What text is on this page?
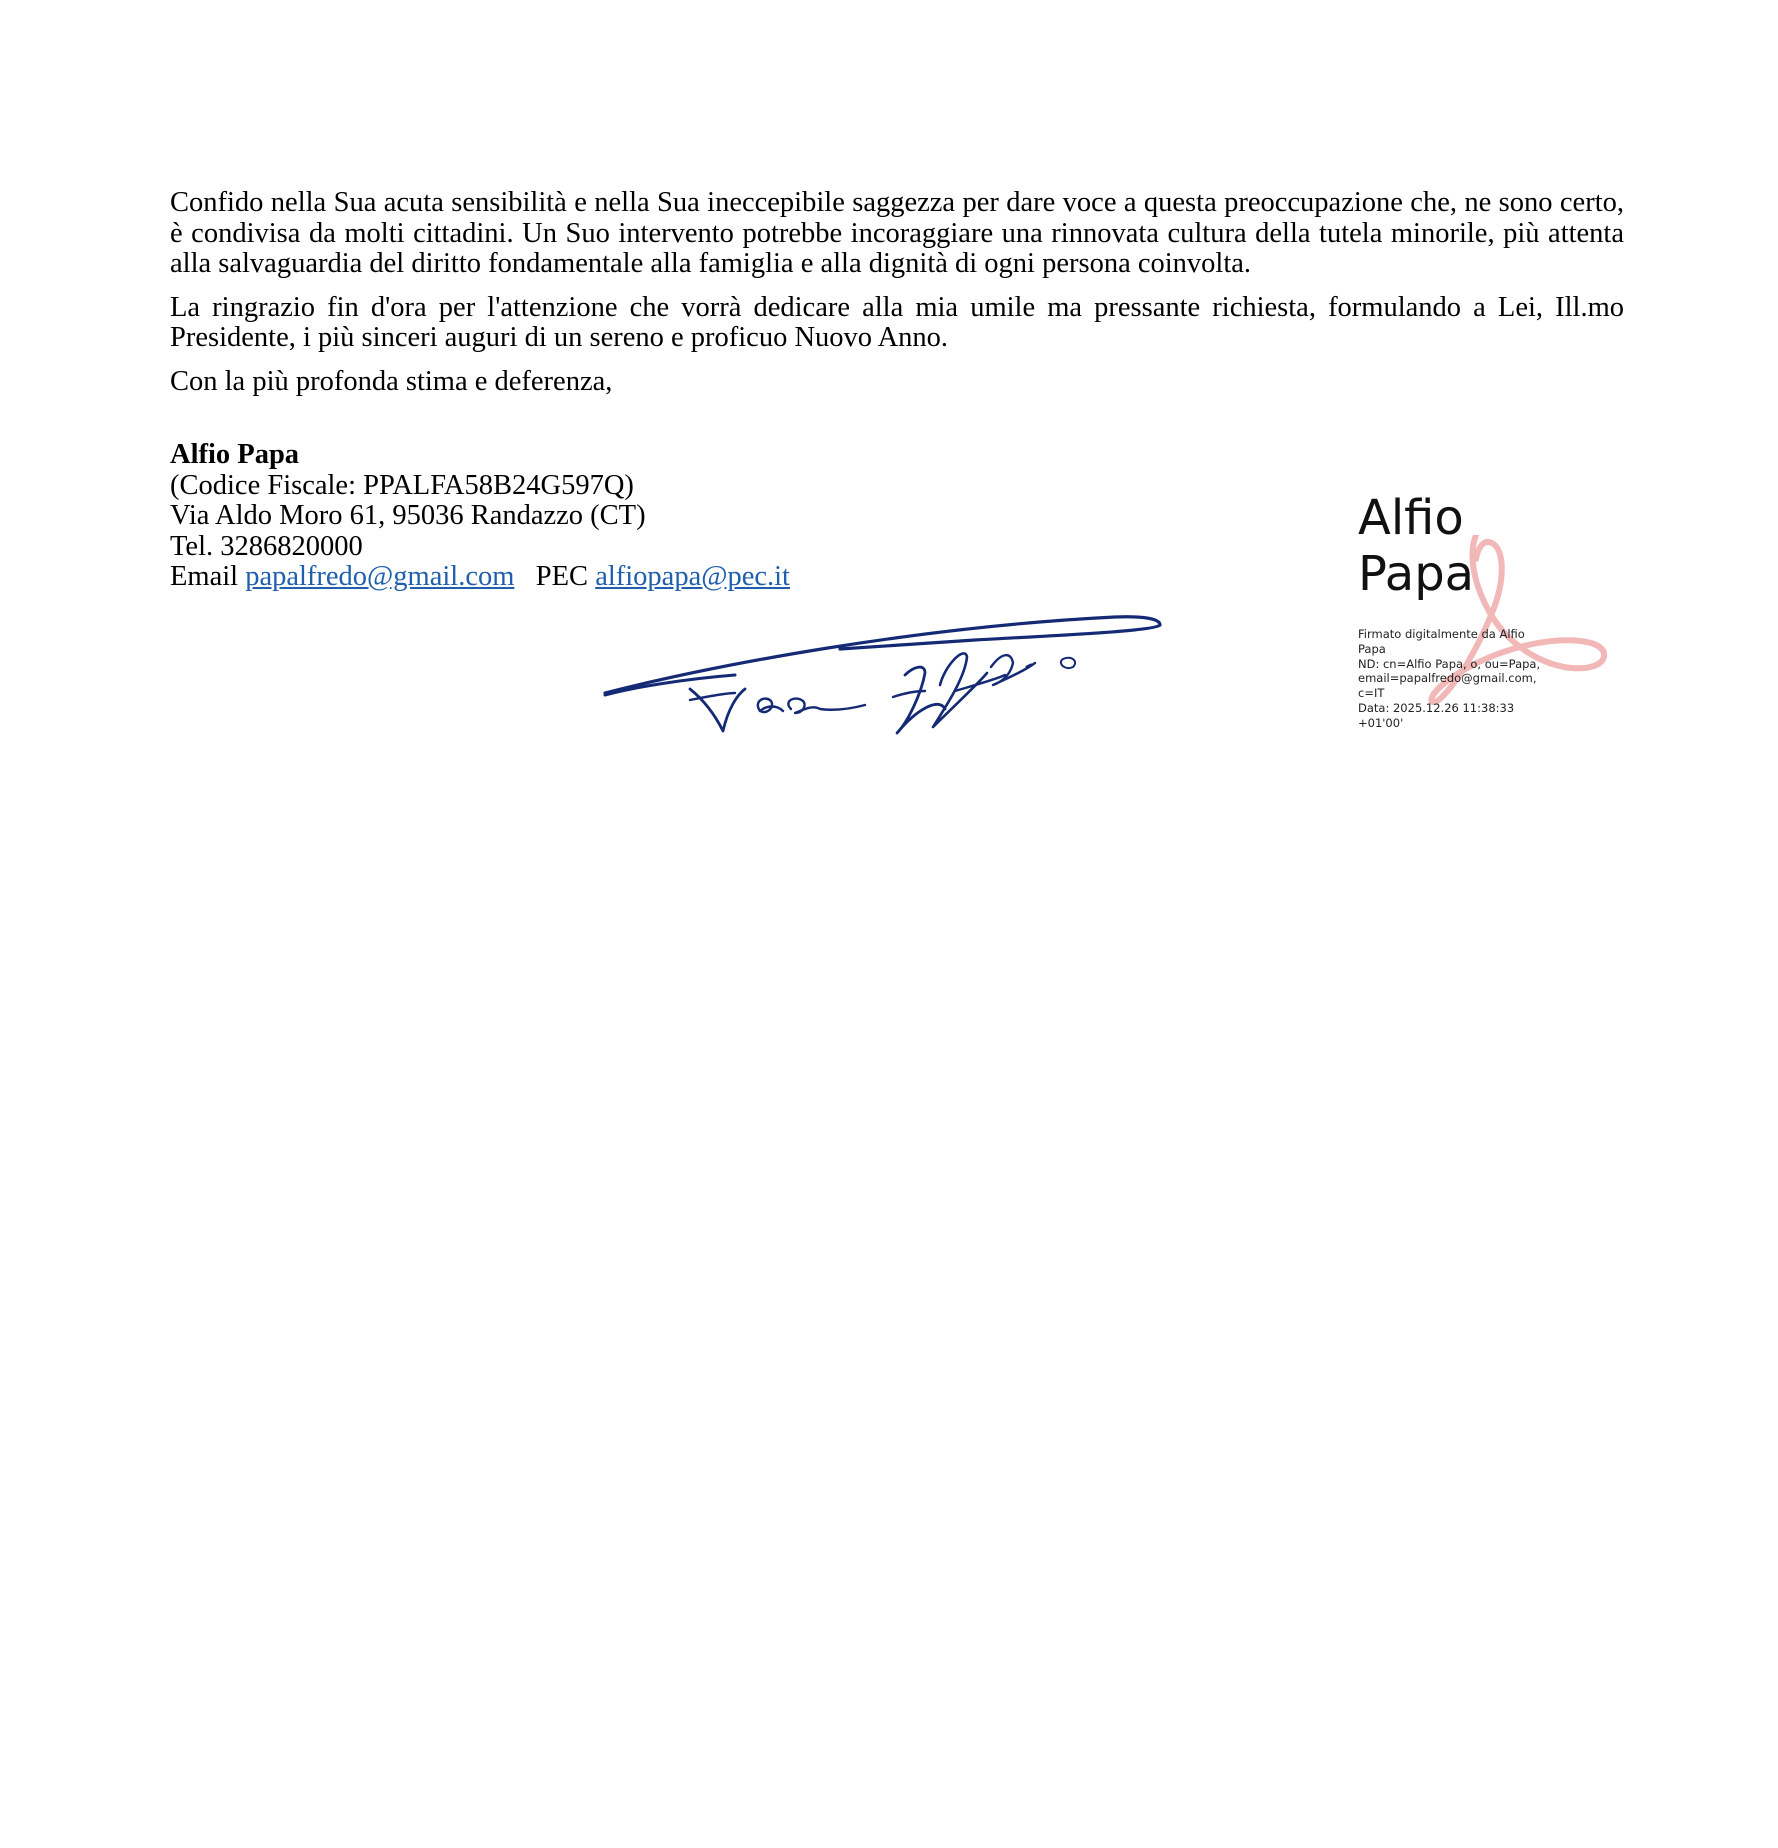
Confido nella Sua acuta sensibilità e nella Sua ineccepibile saggezza per dare voce a questa preoccupazione che, ne sono certo, è condivisa da molti cittadini. Un Suo intervento potrebbe incoraggiare una rinnovata cultura della tutela minorile, più attenta alla salvaguardia del diritto fondamentale alla famiglia e alla dignità di ogni persona coinvolta.

La ringrazio fin d'ora per l'attenzione che vorrà dedicare alla mia umile ma pressante richiesta, formulando a Lei, Ill.mo Presidente, i più sinceri auguri di un sereno e proficuo Nuovo Anno.

Con la più profonda stima e deferenza,

Alfio Papa
(Codice Fiscale: PPALFA58B24G597Q)
Via Aldo Moro 61, 95036 Randazzo (CT)
Tel. 3286820000
Email papalfredo@gmail.com PEC alfiopapa@pec.it
Alfio
Papa
Firmato digitalmente da Alfio
Papa
ND: cn=Alfio Papa, o, ou=Papa,
email=papalfredo@gmail.com,
c=IT
Data: 2025.12.26 11:38:33
+01'00'
